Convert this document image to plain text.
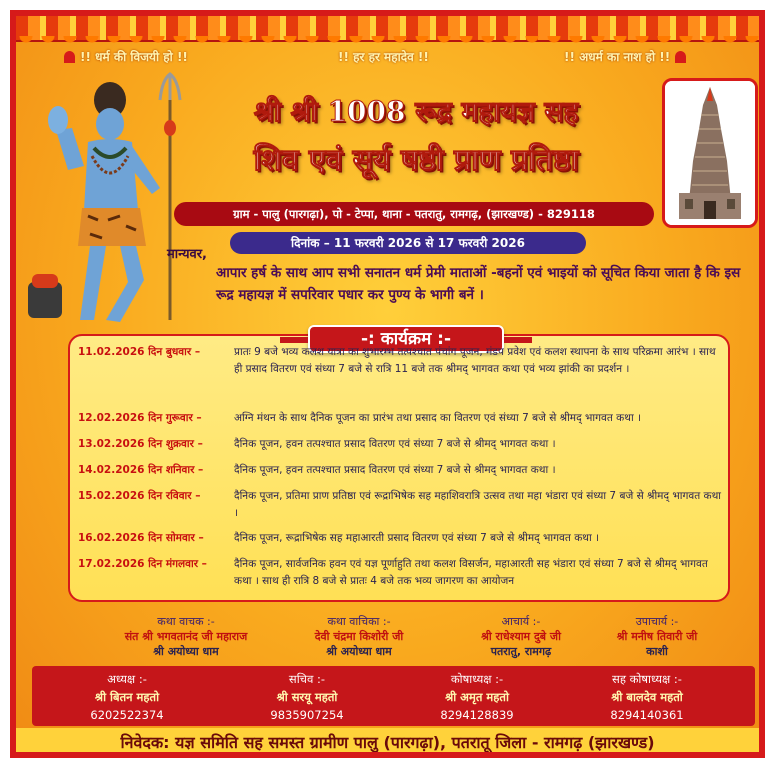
!! धर्म की विजयी हो !!	!! हर हर महादेव !!	!! अधर्म का नाश हो !!
श्री श्री 1008 रूद्र महायज्ञ सह
शिव एवं सूर्य षष्ठी प्राण प्रतिष्ठा
ग्राम - पालु (पारगढ़ा), पो - टेप्पा, थाना - पतरातु, रामगढ़, (झारखण्ड) - 829118
दिनांक – 11 फरवरी 2026 से 17 फरवरी 2026
मान्यवर,
आपार हर्ष के साथ आप सभी सनातन धर्म प्रेमी माताओं -बहनों एवं भाइयों को सूचित किया जाता है कि इस रूद्र महायज्ञ में सपरिवार पधार कर पुण्य के भागी बनें ।
-: कार्यक्रम :-
11.02.2026 दिन बुधवार –	प्रातः 9 बजे भव्य कलश यात्रा का शुभारम्भ तत्पश्चात पंचांग पूजन, मंडप प्रवेश एवं कलश स्थापना के साथ परिक्रमा आरंभ । साथ ही प्रसाद वितरण एवं संध्या 7 बजे से रात्रि 11 बजे तक श्रीमद् भागवत कथा एवं भव्य झांकी का प्रदर्शन ।
12.02.2026 दिन गुरूवार –	अग्नि मंथन के साथ दैनिक पूजन का प्रारंभ तथा प्रसाद का वितरण एवं संध्या 7 बजे से श्रीमद् भागवत कथा ।
13.02.2026 दिन शुक्रवार –	दैनिक पूजन, हवन तत्पश्चात प्रसाद वितरण एवं संध्या 7 बजे से श्रीमद् भागवत कथा ।
14.02.2026 दिन शनिवार –	दैनिक पूजन, हवन तत्पश्चात प्रसाद वितरण एवं संध्या 7 बजे से श्रीमद् भागवत कथा ।
15.02.2026 दिन रविवार –	दैनिक पूजन, प्रतिमा प्राण प्रतिष्ठा एवं रूद्राभिषेक सह महाशिवरात्रि उत्सव तथा महा भंडारा एवं संध्या 7 बजे से श्रीमद् भागवत कथा ।
16.02.2026 दिन सोमवार –	दैनिक पूजन, रूद्राभिषेक सह महाआरती प्रसाद वितरण एवं संध्या 7 बजे से श्रीमद् भागवत कथा ।
17.02.2026 दिन मंगलवार –	दैनिक पूजन, सार्वजनिक हवन एवं यज्ञ पूर्णाहुति तथा कलश विसर्जन, महाआरती सह भंडारा एवं संध्या 7 बजे से श्रीमद् भागवत कथा । साथ ही रात्रि 8 बजे से प्रातः 4 बजे तक भव्य जागरण का आयोजन
कथा वाचक :-
संत श्री भगवतानंद जी महाराज
श्री अयोध्या धाम
कथा वाचिका :-
देवी चंद्रमा किशोरी जी
श्री अयोध्या धाम
आचार्य :-
श्री राधेश्याम दुबे जी
पतरातु, रामगढ़
उपाचार्य :-
श्री मनीष तिवारी जी
काशी
अध्यक्ष :-
श्री बितन महतो
6202522374
सचिव :-
श्री सरयू महतो
9835907254
कोषाध्यक्ष :-
श्री अमृत महतो
8294128839
सह कोषाध्यक्ष :-
श्री बालदेव महतो
8294140361
निवेदक: यज्ञ समिति सह समस्त ग्रामीण पालु (पारगढ़ा), पतरातू जिला - रामगढ़ (झारखण्ड)
